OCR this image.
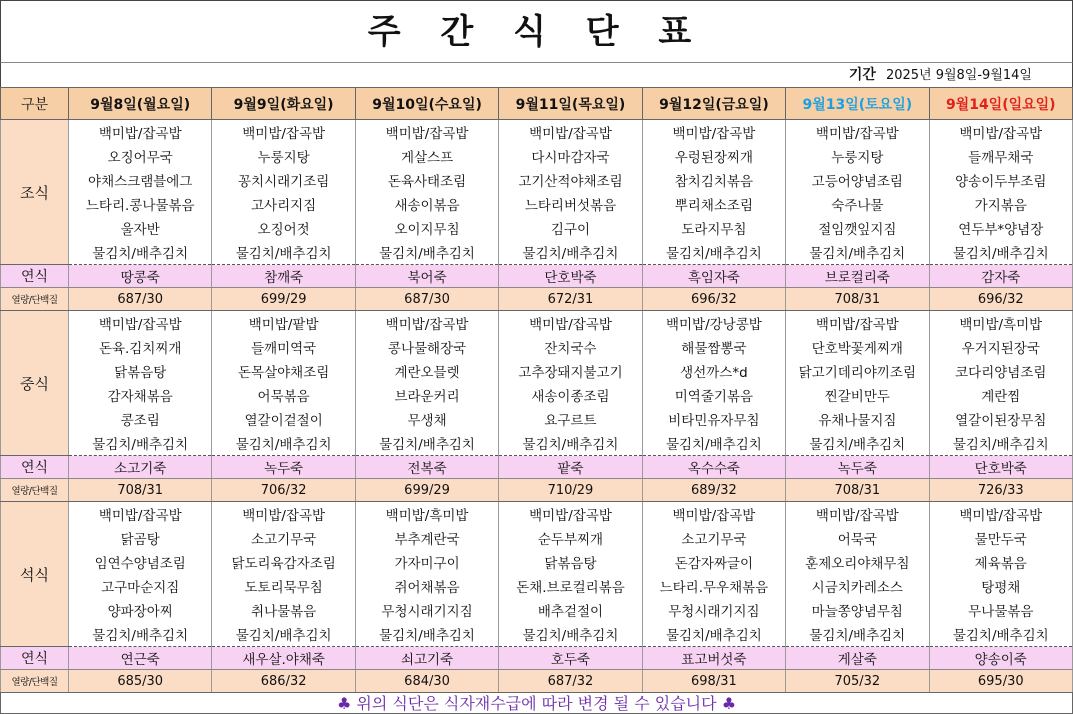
주 간 식 단 표
기간 2025년 9월8일-9월14일
구분	9월8일(월요일)	9월9일(화요일)	9월10일(수요일)	9월11일(목요일)	9월12일(금요일)	9월13일(토요일)	9월14일(일요일)
조식	백미밥/잡곡밥	백미밥/잡곡밥	백미밥/잡곡밥	백미밥/잡곡밥	백미밥/잡곡밥	백미밥/잡곡밥	백미밥/잡곡밥
	오징어무국	누룽지탕	게살스프	다시마감자국	우렁된장찌개	누룽지탕	들깨무채국
	야채스크램블에그	꽁치시래기조림	돈육사태조림	고기산적야채조림	참치김치볶음	고등어양념조림	양송이두부조림
	느타리.콩나물볶음	고사리지짐	새송이볶음	느타리버섯볶음	뿌리채소조림	숙주나물	가지볶음
	울자반	오징어젓	오이지무침	김구이	도라지무침	절임깻잎지짐	연두부*양념장
	물김치/배추김치	물김치/배추김치	물김치/배추김치	물김치/배추김치	물김치/배추김치	물김치/배추김치	물김치/배추김치
연식	땅콩죽	참깨죽	북어죽	단호박죽	흑임자죽	브로컬리죽	감자죽
열량/단백질	687/30	699/29	687/30	672/31	696/32	708/31	696/32
중식	백미밥/잡곡밥	백미밥/팥밥	백미밥/잡곡밥	백미밥/잡곡밥	백미밥/강낭콩밥	백미밥/잡곡밥	백미밥/흑미밥
	돈육.김치찌개	들깨미역국	콩나물해장국	잔치국수	해물짬뽕국	단호박꽃게찌개	우거지된장국
	닭볶음탕	돈목살야채조림	계란오믈렛	고추장돼지불고기	생선까스*d	닭고기데리야끼조림	코다리양념조림
	감자채볶음	어묵볶음	브라운커리	새송이종조림	미역줄기볶음	찐갈비만두	계란찜
	콩조림	열갈이겉절이	무생채	요구르트	비타민유자무침	유채나물지짐	열갈이된장무침
	물김치/배추김치	물김치/배추김치	물김치/배추김치	물김치/배추김치	물김치/배추김치	물김치/배추김치	물김치/배추김치
연식	소고기죽	녹두죽	전복죽	팥죽	옥수수죽	녹두죽	단호박죽
열량/단백질	708/31	706/32	699/29	710/29	689/32	708/31	726/33
석식	백미밥/잡곡밥	백미밥/잡곡밥	백미밥/흑미밥	백미밥/잡곡밥	백미밥/잡곡밥	백미밥/잡곡밥	백미밥/잡곡밥
	닭곰탕	소고기무국	부추계란국	순두부찌개	소고기무국	어묵국	물만두국
	임연수양념조림	닭도리육감자조림	가자미구이	닭볶음탕	돈감자짜글이	훈제오리야채무침	제육볶음
	고구마순지짐	도토리묵무침	쥐어채볶음	돈채.브로컬리볶음	느타리.무우채볶음	시금치카레소스	탕평채
	양파장아찌	취나물볶음	무청시래기지짐	배추겉절이	무청시래기지짐	마늘쫑양념무침	무나물볶음
	물김치/배추김치	물김치/배추김치	물김치/배추김치	물김치/배추김치	물김치/배추김치	물김치/배추김치	물김치/배추김치
연식	연근죽	새우살.야채죽	쇠고기죽	호두죽	표고버섯죽	게살죽	양송이죽
열량/단백질	685/30	686/32	684/30	687/32	698/31	705/32	695/30
♣ 위의 식단은 식자재수급에 따라 변경 될 수 있습니다 ♣
